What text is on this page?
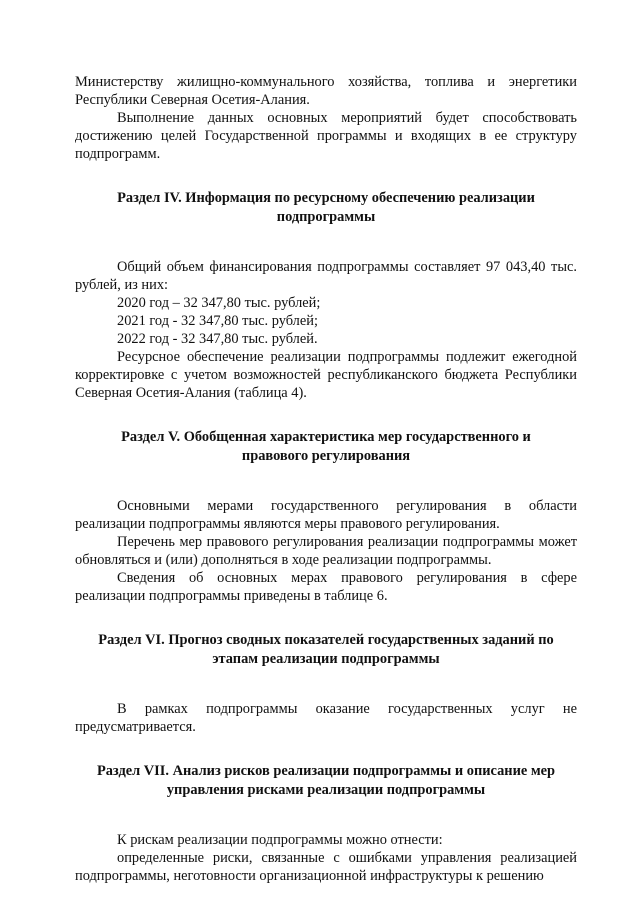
Министерству жилищно-коммунального хозяйства, топлива и энергетики Республики Северная Осетия-Алания.

Выполнение данных основных мероприятий будет способствовать достижению целей Государственной программы и входящих в ее структуру подпрограмм.

Раздел IV. Информация по ресурсному обеспечению реализации
подпрограммы

Общий объем финансирования подпрограммы составляет 97 043,40 тыс. рублей, из них:

2020 год – 32 347,80 тыс. рублей;

2021 год - 32 347,80 тыс. рублей;

2022 год - 32 347,80 тыс. рублей.

Ресурсное обеспечение реализации подпрограммы подлежит ежегодной корректировке с учетом возможностей республиканского бюджета Республики Северная Осетия-Алания (таблица 4).

Раздел V. Обобщенная характеристика мер государственного и
правового регулирования

Основными мерами государственного регулирования в области реализации подпрограммы являются меры правового регулирования.

Перечень мер правового регулирования реализации подпрограммы может обновляться и (или) дополняться в ходе реализации подпрограммы.

Сведения об основных мерах правового регулирования в сфере реализации подпрограммы приведены в таблице 6.

Раздел VI. Прогноз сводных показателей государственных заданий по
этапам реализации подпрограммы

В рамках подпрограммы оказание государственных услуг не предусматривается.

Раздел VII. Анализ рисков реализации подпрограммы и описание мер
управления рисками реализации подпрограммы

К рискам реализации подпрограммы можно отнести:

определенные риски, связанные с ошибками управления реализацией подпрограммы, неготовности организационной инфраструктуры к решению
